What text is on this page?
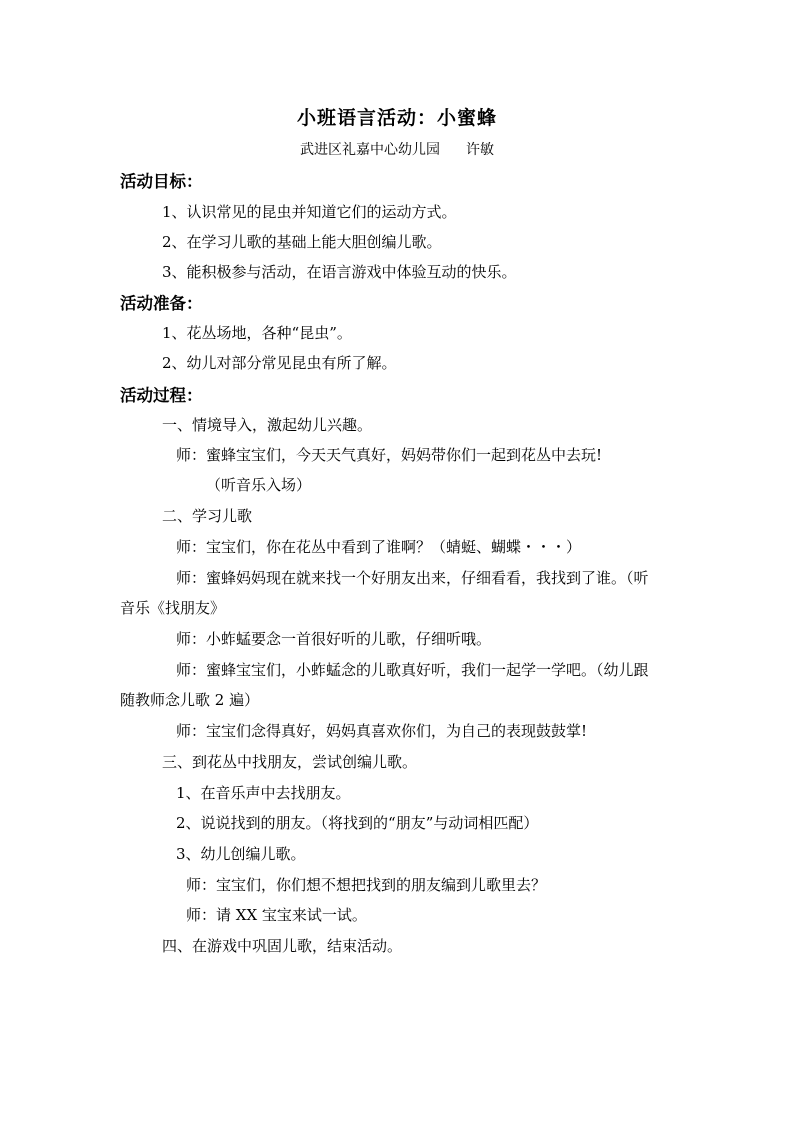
小班语言活动：小蜜蜂
武进区礼嘉中心幼儿园 许敏
活动目标：
1、认识常见的昆虫并知道它们的运动方式。
2、在学习儿歌的基础上能大胆创编儿歌。
3、能积极参与活动，在语言游戏中体验互动的快乐。
活动准备：
1、花丛场地，各种“昆虫”。
2、幼儿对部分常见昆虫有所了解。
活动过程：
一、情境导入，激起幼儿兴趣。
师：蜜蜂宝宝们，今天天气真好，妈妈带你们一起到花丛中去玩!
（听音乐入场）
二、学习儿歌
师：宝宝们，你在花丛中看到了谁啊？（蜻蜓、蝴蝶・・・）
师：蜜蜂妈妈现在就来找一个好朋友出来，仔细看看，我找到了谁。（听
音乐《找朋友》
师：小蚱蜢要念一首很好听的儿歌，仔细听哦。
师：蜜蜂宝宝们，小蚱蜢念的儿歌真好听，我们一起学一学吧。（幼儿跟
随教师念儿歌 2 遍）
师：宝宝们念得真好，妈妈真喜欢你们，为自己的表现鼓鼓掌!
三、到花丛中找朋友，尝试创编儿歌。
1、在音乐声中去找朋友。
2、说说找到的朋友。（将找到的“朋友”与动词相匹配）
3、幼儿创编儿歌。
师：宝宝们，你们想不想把找到的朋友编到儿歌里去？
师：请 XX 宝宝来试一试。
四、在游戏中巩固儿歌，结束活动。
